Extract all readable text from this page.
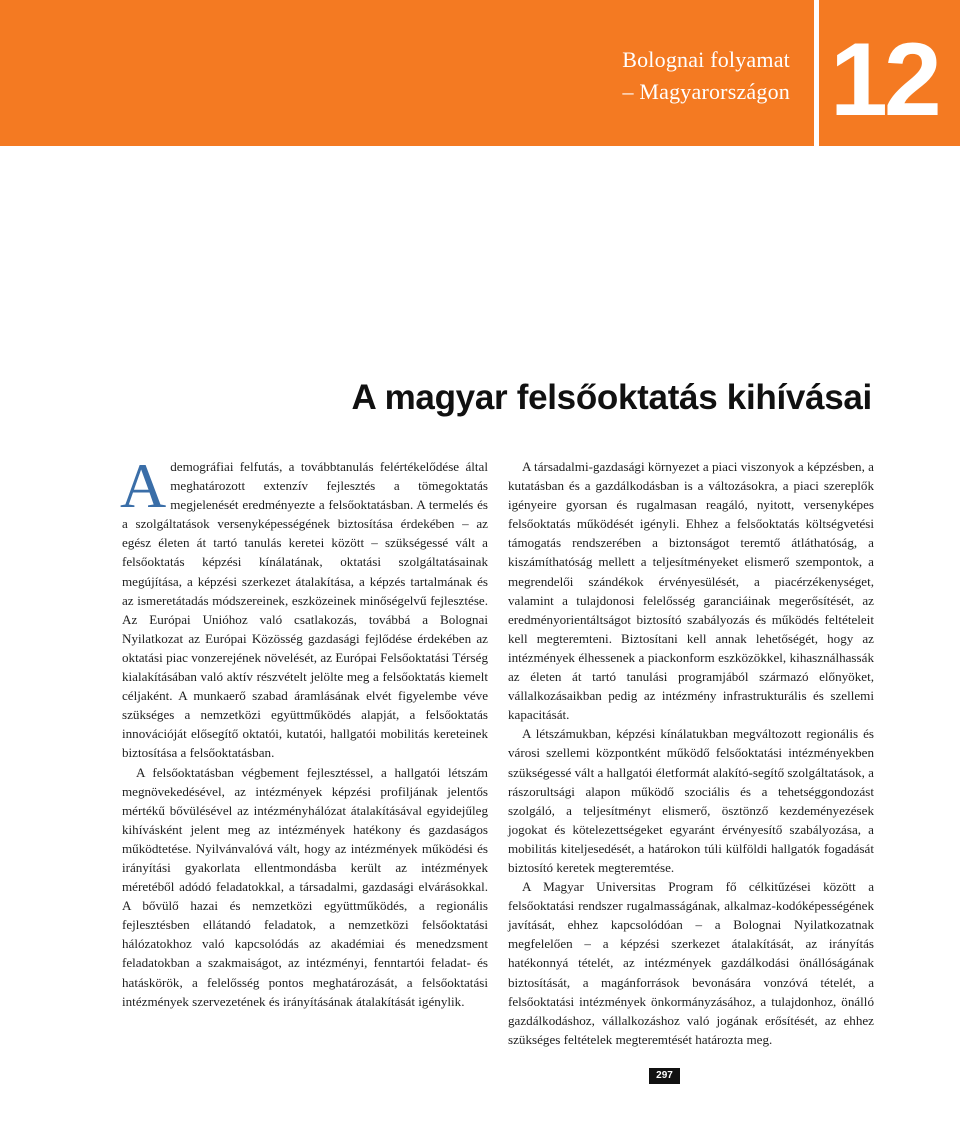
Bolognai folyamat
– Magyarországon 12
A magyar felsőoktatás kihívásai

Ademográfiai felfutás, a továbbtanulás felértékelődése által meghatározott extenzív fejlesztés a tömegoktatás megjelenését eredményezte a felsőoktatásban. A termelés és a szolgáltatások versenyképességének biztosítása érdekében – az egész életen át tartó tanulás keretei között – szükségessé vált a felsőoktatás képzési kínálatának, oktatási szolgáltatásainak megújítása, a képzési szerkezet átalakítása, a képzés tartalmának és az ismeretátadás módszereinek, eszközeinek minőségelvű fejlesztése. Az Európai Unióhoz való csatlakozás, továbbá a Bolognai Nyilatkozat az Európai Közösség gazdasági fejlődése érdekében az oktatási piac vonzerejének növelését, az Európai Felsőoktatási Térség kialakításában való aktív részvételt jelölte meg a felsőoktatás kiemelt céljaként. A munkaerő szabad áramlásának elvét figyelembe véve szükséges a nemzetközi együttműködés alapját, a felsőoktatás innovációját elősegítő oktatói, kutatói, hallgatói mobilitás kereteinek biztosítása a felsőoktatásban.

A felsőoktatásban végbement fejlesztéssel, a hallgatói létszám megnövekedésével, az intézmények képzési profiljának jelentős mértékű bővülésével az intézményhálózat átalakításával egyidejűleg kihívásként jelent meg az intézmények hatékony és gazdaságos működtetése. Nyilvánvalóvá vált, hogy az intézmények működési és irányítási gyakorlata ellentmondásba került az intézmények méretéből adódó feladatokkal, a társadalmi, gazdasági elvárásokkal. A bővülő hazai és nemzetközi együttműködés, a regionális fejlesztésben ellátandó feladatok, a nemzetközi felsőoktatási hálózatokhoz való kapcsolódás az akadémiai és menedzsment feladatokban a szakmaiságot, az intézményi, fenntartói feladat- és hatáskörök, a felelősség pontos meghatározását, a felsőoktatási intézmények szervezetének és irányításának átalakítását igénylik.

A társadalmi-gazdasági környezet a piaci viszonyok a képzésben, a kutatásban és a gazdálkodásban is a változásokra, a piaci szereplők igényeire gyorsan és rugalmasan reagáló, nyitott, versenyképes felsőoktatás működését igényli. Ehhez a felsőoktatás költségvetési támogatás rendszerében a biztonságot teremtő átláthatóság, a kiszámíthatóság mellett a teljesítményeket elismerő szempontok, a megrendelői szándékok érvényesülését, a piacérzékenységet, valamint a tulajdonosi felelősség garanciáinak megerősítését, az eredményorientáltságot biztosító szabályozás és működés feltételeit kell megteremteni. Biztosítani kell annak lehetőségét, hogy az intézmények élhessenek a piackonform eszközökkel, kihasználhassák az életen át tartó tanulási programjából származó előnyöket, vállalkozásaikban pedig az intézmény infrastrukturális és szellemi kapacitását.

A létszámukban, képzési kínálatukban megváltozott regionális és városi szellemi központként működő felsőoktatási intézményekben szükségessé vált a hallgatói életformát alakító-segítő szolgáltatások, a rászorultsági alapon működő szociális és a tehetséggondozást szolgáló, a teljesítményt elismerő, ösztönző kezdeményezések jogokat és kötelezettségeket egyaránt érvényesítő szabályozása, a mobilitás kiteljesedését, a határokon túli külföldi hallgatók fogadását biztosító keretek megteremtése.

A Magyar Universitas Program fő célkitűzései között a felsőoktatási rendszer rugalmasságának, alkalmaz-kodóképességének javítását, ehhez kapcsolódóan – a Bolognai Nyilatkozatnak megfelelően – a képzési szerkezet átalakítását, az irányítás hatékonnyá tételét, az intézmények gazdálkodási önállóságának biztosítását, a magánforrások bevonására vonzóvá tételét, a felsőoktatási intézmények önkormányzásához, a tulajdonhoz, önálló gazdálkodáshoz, vállalkozáshoz való jogának erősítését, az ehhez szükséges feltételek megteremtését határozta meg.

297
